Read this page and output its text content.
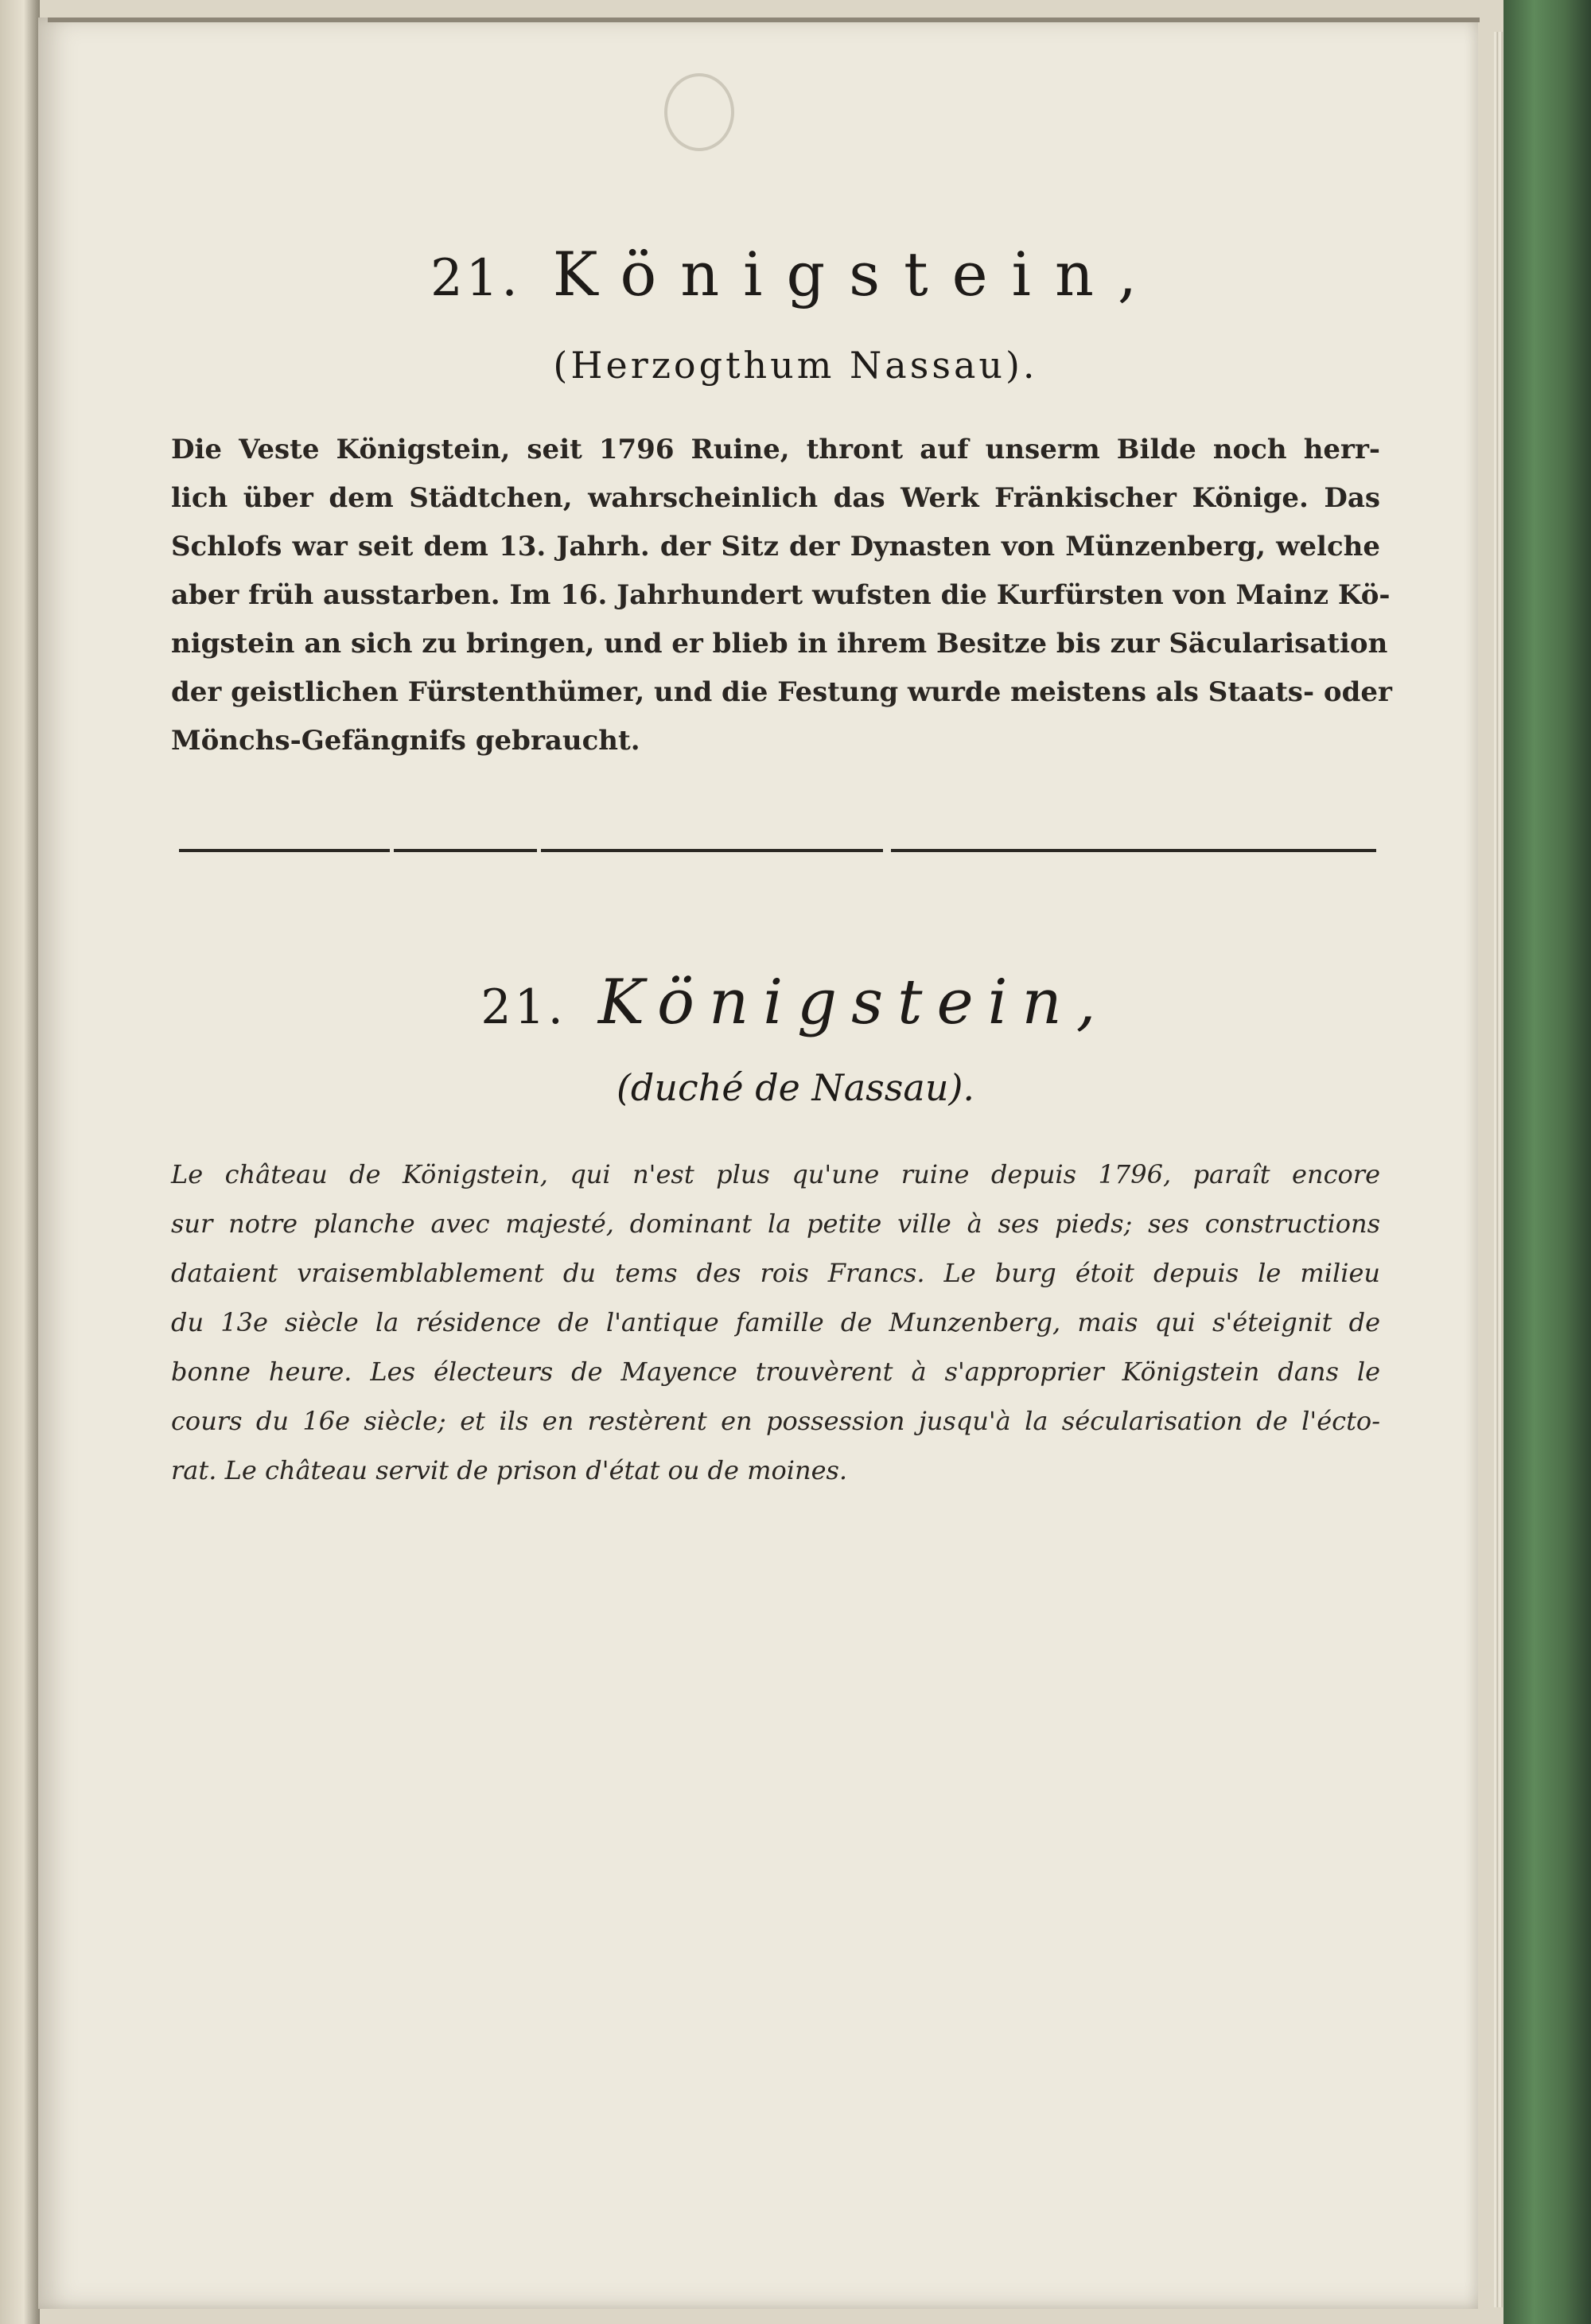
21. Königstein,
(Herzogthum Nassau).
Die Veste Königstein, seit 1796 Ruine, thront auf unserm Bilde noch herr-
lich über dem Städtchen, wahrscheinlich das Werk Fränkischer Könige. Das
Schlofs war seit dem 13. Jahrh. der Sitz der Dynasten von Münzenberg, welche
aber früh ausstarben. Im 16. Jahrhundert wufsten die Kurfürsten von Mainz Kö-
nigstein an sich zu bringen, und er blieb in ihrem Besitze bis zur Säcularisation
der geistlichen Fürstenthümer, und die Festung wurde meistens als Staats- oder
Mönchs-Gefängnifs gebraucht.
21. Königstein,
(duché de Nassau).
Le château de Königstein, qui n'est plus qu'une ruine depuis 1796, paraît encore
sur notre planche avec majesté, dominant la petite ville à ses pieds; ses constructions
dataient vraisemblablement du tems des rois Francs. Le burg étoit depuis le milieu
du 13e siècle la résidence de l'antique famille de Munzenberg, mais qui s'éteignit de
bonne heure. Les électeurs de Mayence trouvèrent à s'approprier Königstein dans le
cours du 16e siècle; et ils en restèrent en possession jusqu'à la sécularisation de l'écto-
rat. Le château servit de prison d'état ou de moines.
